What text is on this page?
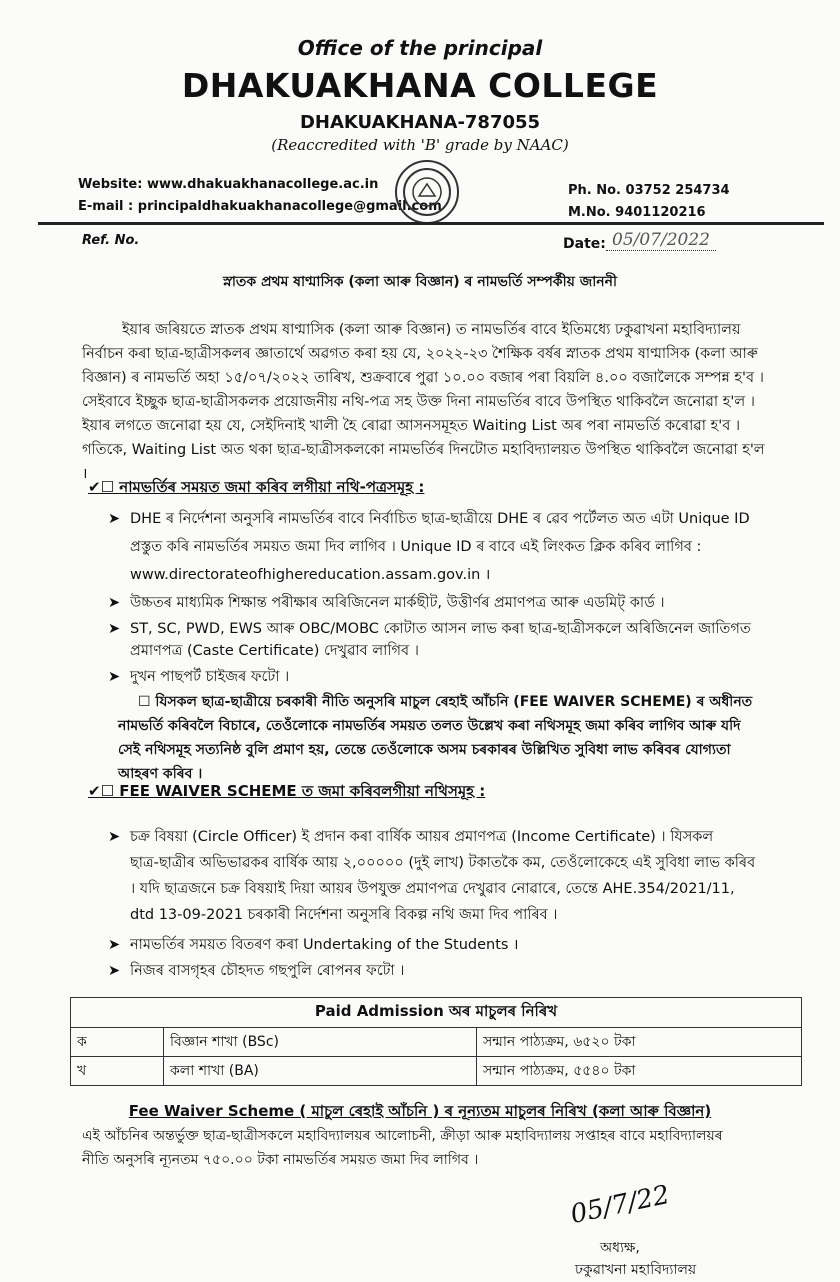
Office of the principal
DHAKUAKHANA COLLEGE
DHAKUAKHANA-787055
(Reaccredited with 'B' grade by NAAC)
Website: www.dhakuakhanacollege.ac.in
E-mail : principaldhakuakhanacollege@gmail.com
Ph. No. 03752 254734
M.No. 9401120216
Ref. No.	Date: 05/07/2022
স্নাতক প্ৰথম ষাণ্মাসিক (কলা আৰু বিজ্ঞান) ৰ নামভৰ্তি সম্পৰ্কীয় জাননী
ইয়াৰ জৰিয়তে স্নাতক প্ৰথম ষাণ্মাসিক (কলা আৰু বিজ্ঞান) ত নামভৰ্তিৰ বাবে ইতিমধ্যে ঢকুৱাখনা মহাবিদ্যালয়
নিৰ্বাচন কৰা ছাত্ৰ-ছাত্ৰীসকলৰ জ্ঞাতাৰ্থে অৱগত কৰা হয় যে, ২০২২-২৩ শৈক্ষিক বৰ্ষৰ স্নাতক প্ৰথম ষাণ্মাসিক (কলা আৰু
বিজ্ঞান) ৰ নামভৰ্তি অহা ১৫/০৭/২০২২ তাৰিখ, শুক্ৰবাৰে পুৱা ১০.০০ বজাৰ পৰা বিয়লি ৪.০০ বজালৈকে সম্পন্ন হ'ব ।
সেইবাবে ইচ্ছুক ছাত্ৰ-ছাত্ৰীসকলক প্ৰয়োজনীয় নথি-পত্ৰ সহ উক্ত দিনা নামভৰ্তিৰ বাবে উপস্থিত থাকিবলৈ জনোৱা হ'ল ।
ইয়াৰ লগতে জনোৱা হয় যে, সেইদিনাই খালী হৈ ৰোৱা আসনসমূহত Waiting List অৰ পৰা নামভৰ্তি কৰোৱা হ'ব ।
গতিকে, Waiting List অত থকা ছাত্ৰ-ছাত্ৰীসকলকো নামভৰ্তিৰ দিনটোত মহাবিদ্যালয়ত উপস্থিত থাকিবলৈ জনোৱা হ'ল
।
✔☐ নামভৰ্তিৰ সময়ত জমা কৰিব লগীয়া নথি-পত্ৰসমূহ :
➤ DHE ৰ নিৰ্দেশনা অনুসৰি নামভৰ্তিৰ বাবে নিৰ্বাচিত ছাত্ৰ-ছাত্ৰীয়ে DHE ৰ ৱেব পৰ্টেলত অত এটা Unique ID
প্ৰস্তুত কৰি নামভৰ্তিৰ সময়ত জমা দিব লাগিব । Unique ID ৰ বাবে এই লিংকত ক্লিক কৰিব লাগিব :
www.directorateofhighereducation.assam.gov.in ।
➤ উচ্চতৰ মাধ্যমিক শিক্ষান্ত পৰীক্ষাৰ অৰিজিনেল মাৰ্কছীট, উত্তীৰ্ণৰ প্ৰমাণপত্ৰ আৰু এডমিট্ কাৰ্ড ।
➤ ST, SC, PWD, EWS আৰু OBC/MOBC কোটাত আসন লাভ কৰা ছাত্ৰ-ছাত্ৰীসকলে অৰিজিনেল জাতিগত
প্ৰমাণপত্ৰ (Caste Certificate) দেখুৱাব লাগিব ।
➤ দুখন পাছপৰ্ট চাইজৰ ফটো ।
☐ যিসকল ছাত্ৰ-ছাত্ৰীয়ে চৰকাৰী নীতি অনুসৰি মাচুল ৰেহাই আঁচনি (FEE WAIVER SCHEME) ৰ অধীনত
নামভৰ্তি কৰিবলৈ বিচাৰে, তেওঁলোকে নামভৰ্তিৰ সময়ত তলত উল্লেখ কৰা নথিসমূহ জমা কৰিব লাগিব আৰু যদি
সেই নথিসমূহ সত্যনিষ্ঠ বুলি প্ৰমাণ হয়, তেন্তে তেওঁলোকে অসম চৰকাৰৰ উল্লিখিত সুবিধা লাভ কৰিবৰ যোগ্যতা
আহৰণ কৰিব ।
✔☐ FEE WAIVER SCHEME ত জমা কৰিবলগীয়া নথিসমূহ :
➤ চক্ৰ বিষয়া (Circle Officer) ই প্ৰদান কৰা বাৰ্ষিক আয়ৰ প্ৰমাণপত্ৰ (Income Certificate) । যিসকল
ছাত্ৰ-ছাত্ৰীৰ অভিভাৱকৰ বাৰ্ষিক আয় ২,০০০০০ (দুই লাখ) টকাতকৈ কম, তেওঁলোকেহে এই সুবিধা লাভ কৰিব
। যদি ছাত্ৰজনে চক্ৰ বিষয়াই দিয়া আয়ৰ উপযুক্ত প্ৰমাণপত্ৰ দেখুৱাব নোৱাৰে, তেন্তে AHE.354/2021/11,
dtd 13-09-2021 চৰকাৰী নিৰ্দেশনা অনুসৰি বিকল্প নথি জমা দিব পাৰিব ।
➤ নামভৰ্তিৰ সময়ত বিতৰণ কৰা Undertaking of the Students ।
➤ নিজৰ বাসগৃহৰ চৌহদত গছপুলি ৰোপনৰ ফটো ।
Paid Admission অৰ মাচুলৰ নিৰিখ		
ক	বিজ্ঞান শাখা (BSc)	সন্মান পাঠ্যক্ৰম, ৬৫২০ টকা
খ	কলা শাখা (BA)	সন্মান পাঠ্যক্ৰম, ৫৫৪০ টকা
Fee Waiver Scheme ( মাচুল ৰেহাই আঁচনি ) ৰ নূন্যতম মাচুলৰ নিৰিখ (কলা আৰু বিজ্ঞান)
এই আঁচনিৰ অন্তৰ্ভুক্ত ছাত্ৰ-ছাত্ৰীসকলে মহাবিদ্যালয়ৰ আলোচনী, ক্ৰীড়া আৰু মহাবিদ্যালয় সপ্তাহৰ বাবে মহাবিদ্যালয়ৰ
নীতি অনুসৰি ন্যূনতম ৭৫০.০০ টকা নামভৰ্তিৰ সময়ত জমা দিব লাগিব ।
05/7/22
অধ্যক্ষ,
ঢকুৱাখনা মহাবিদ্যালয়
